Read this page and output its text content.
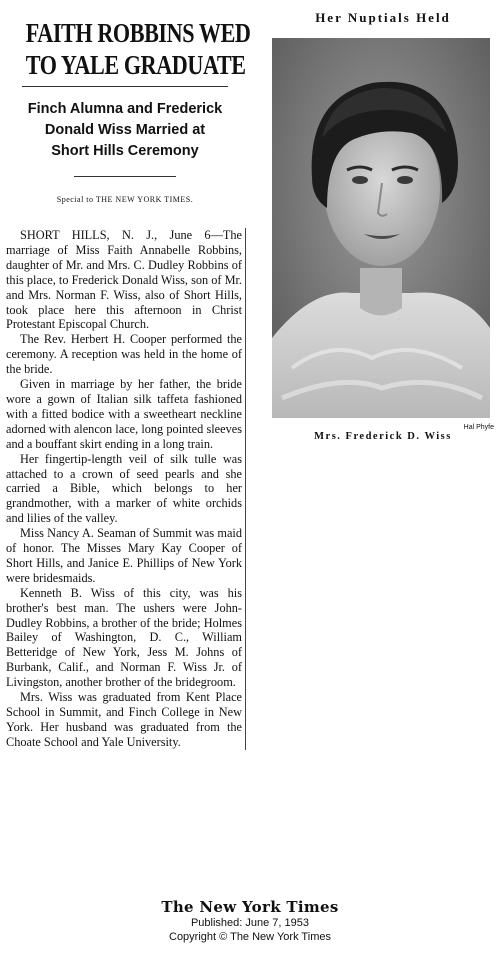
FAITH ROBBINS WED
TO YALE GRADUATE
Finch Alumna and Frederick
Donald Wiss Married at
Short Hills Ceremony
Special to THE NEW YORK TIMES.

SHORT HILLS, N. J., June 6—The marriage of Miss Faith Annabelle Robbins, daughter of Mr. and Mrs. C. Dudley Robbins of this place, to Frederick Donald Wiss, son of Mr. and Mrs. Norman F. Wiss, also of Short Hills, took place here this afternoon in Christ Protestant Episcopal Church.

The Rev. Herbert H. Cooper performed the ceremony. A reception was held in the home of the bride.

Given in marriage by her father, the bride wore a gown of Italian silk taffeta fashioned with a fitted bodice with a sweetheart neckline adorned with alencon lace, long pointed sleeves and a bouffant skirt ending in a long train.

Her fingertip-length veil of silk tulle was attached to a crown of seed pearls and she carried a Bible, which belongs to her grandmother, with a marker of white orchids and lilies of the valley.

Miss Nancy A. Seaman of Summit was maid of honor. The Misses Mary Kay Cooper of Short Hills, and Janice E. Phillips of New York were bridesmaids.

Kenneth B. Wiss of this city, was his brother's best man. The ushers were John-Dudley Robbins, a brother of the bride; Holmes Bailey of Washington, D. C., William Betteridge of New York, Jess M. Johns of Burbank, Calif., and Norman F. Wiss Jr. of Livingston, another brother of the bridegroom.

Mrs. Wiss was graduated from Kent Place School in Summit, and Finch College in New York. Her husband was graduated from the Choate School and Yale University.

Her Nuptials Held
Hal Phyfe
Mrs. Frederick D. Wiss
The New York Times
Published: June 7, 1953
Copyright © The New York Times
